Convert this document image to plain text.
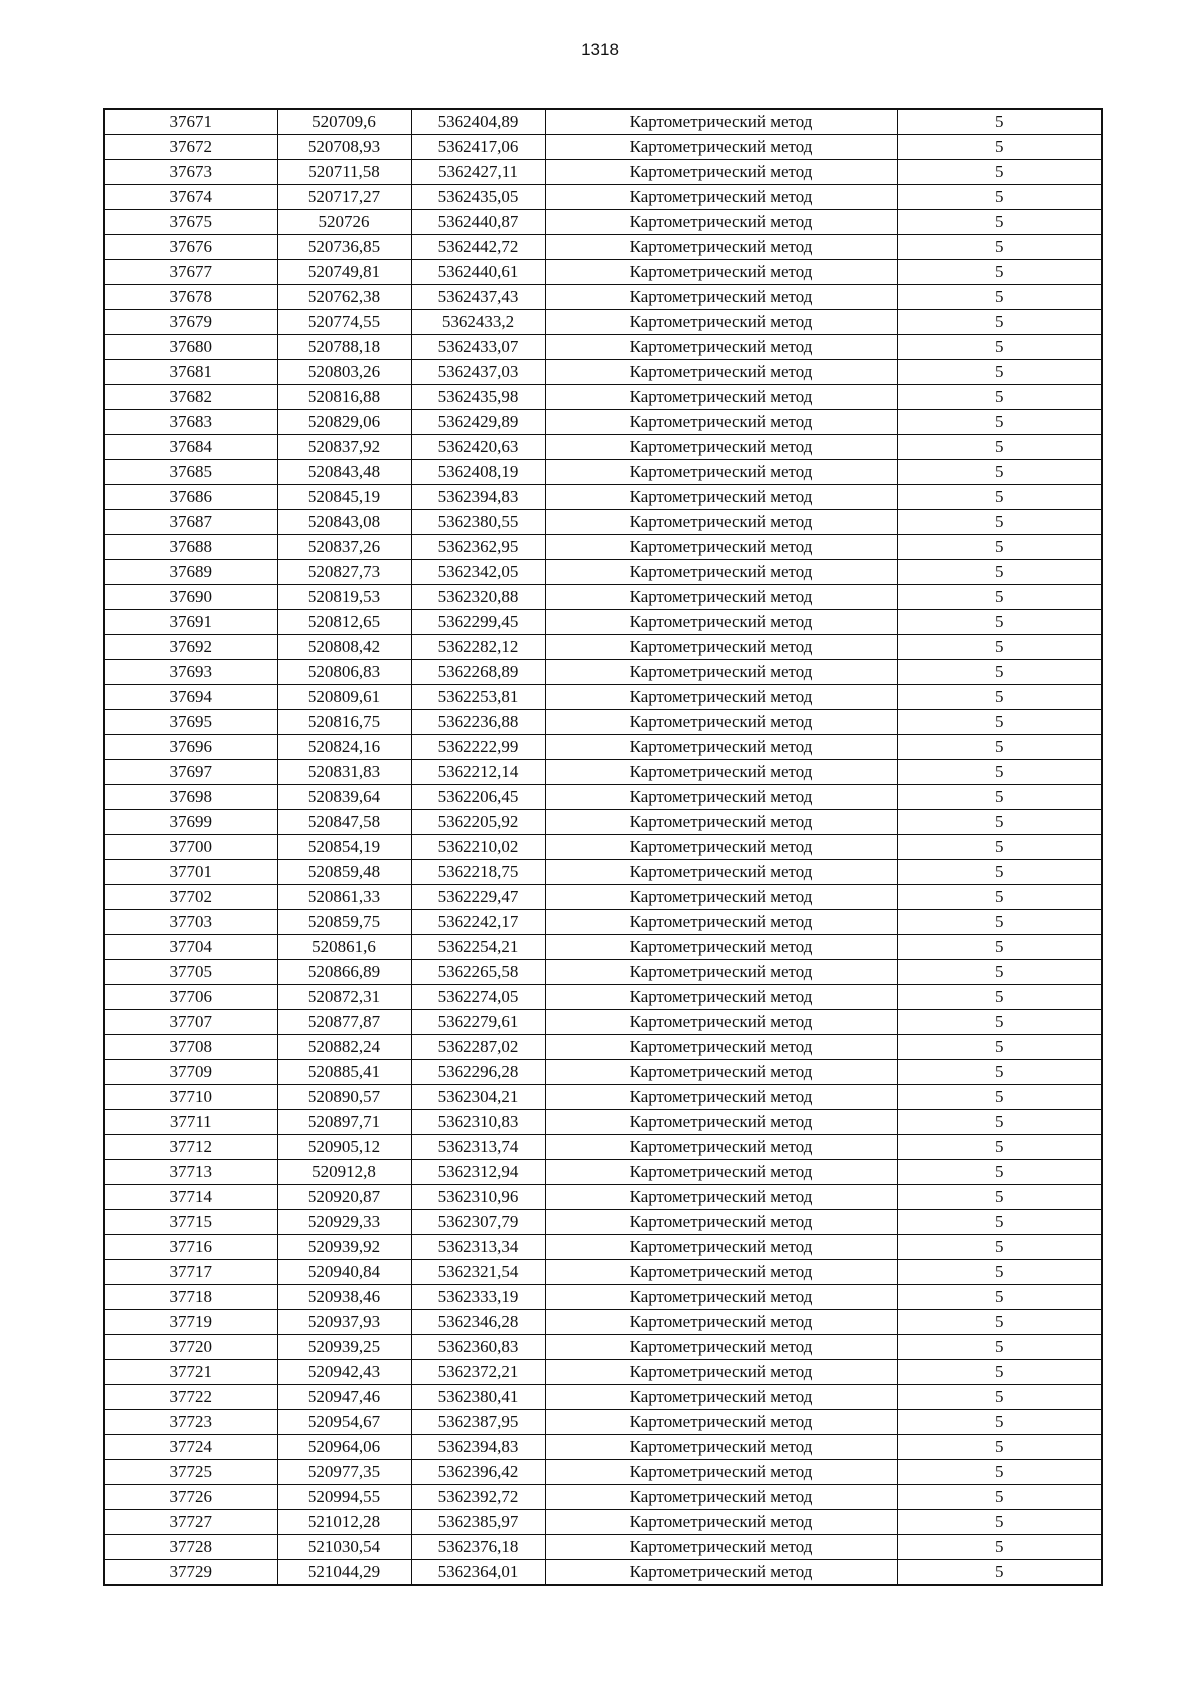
1318
37671	520709,6	5362404,89	Картометрический метод	5
37672	520708,93	5362417,06	Картометрический метод	5
37673	520711,58	5362427,11	Картометрический метод	5
37674	520717,27	5362435,05	Картометрический метод	5
37675	520726	5362440,87	Картометрический метод	5
37676	520736,85	5362442,72	Картометрический метод	5
37677	520749,81	5362440,61	Картометрический метод	5
37678	520762,38	5362437,43	Картометрический метод	5
37679	520774,55	5362433,2	Картометрический метод	5
37680	520788,18	5362433,07	Картометрический метод	5
37681	520803,26	5362437,03	Картометрический метод	5
37682	520816,88	5362435,98	Картометрический метод	5
37683	520829,06	5362429,89	Картометрический метод	5
37684	520837,92	5362420,63	Картометрический метод	5
37685	520843,48	5362408,19	Картометрический метод	5
37686	520845,19	5362394,83	Картометрический метод	5
37687	520843,08	5362380,55	Картометрический метод	5
37688	520837,26	5362362,95	Картометрический метод	5
37689	520827,73	5362342,05	Картометрический метод	5
37690	520819,53	5362320,88	Картометрический метод	5
37691	520812,65	5362299,45	Картометрический метод	5
37692	520808,42	5362282,12	Картометрический метод	5
37693	520806,83	5362268,89	Картометрический метод	5
37694	520809,61	5362253,81	Картометрический метод	5
37695	520816,75	5362236,88	Картометрический метод	5
37696	520824,16	5362222,99	Картометрический метод	5
37697	520831,83	5362212,14	Картометрический метод	5
37698	520839,64	5362206,45	Картометрический метод	5
37699	520847,58	5362205,92	Картометрический метод	5
37700	520854,19	5362210,02	Картометрический метод	5
37701	520859,48	5362218,75	Картометрический метод	5
37702	520861,33	5362229,47	Картометрический метод	5
37703	520859,75	5362242,17	Картометрический метод	5
37704	520861,6	5362254,21	Картометрический метод	5
37705	520866,89	5362265,58	Картометрический метод	5
37706	520872,31	5362274,05	Картометрический метод	5
37707	520877,87	5362279,61	Картометрический метод	5
37708	520882,24	5362287,02	Картометрический метод	5
37709	520885,41	5362296,28	Картометрический метод	5
37710	520890,57	5362304,21	Картометрический метод	5
37711	520897,71	5362310,83	Картометрический метод	5
37712	520905,12	5362313,74	Картометрический метод	5
37713	520912,8	5362312,94	Картометрический метод	5
37714	520920,87	5362310,96	Картометрический метод	5
37715	520929,33	5362307,79	Картометрический метод	5
37716	520939,92	5362313,34	Картометрический метод	5
37717	520940,84	5362321,54	Картометрический метод	5
37718	520938,46	5362333,19	Картометрический метод	5
37719	520937,93	5362346,28	Картометрический метод	5
37720	520939,25	5362360,83	Картометрический метод	5
37721	520942,43	5362372,21	Картометрический метод	5
37722	520947,46	5362380,41	Картометрический метод	5
37723	520954,67	5362387,95	Картометрический метод	5
37724	520964,06	5362394,83	Картометрический метод	5
37725	520977,35	5362396,42	Картометрический метод	5
37726	520994,55	5362392,72	Картометрический метод	5
37727	521012,28	5362385,97	Картометрический метод	5
37728	521030,54	5362376,18	Картометрический метод	5
37729	521044,29	5362364,01	Картометрический метод	5
